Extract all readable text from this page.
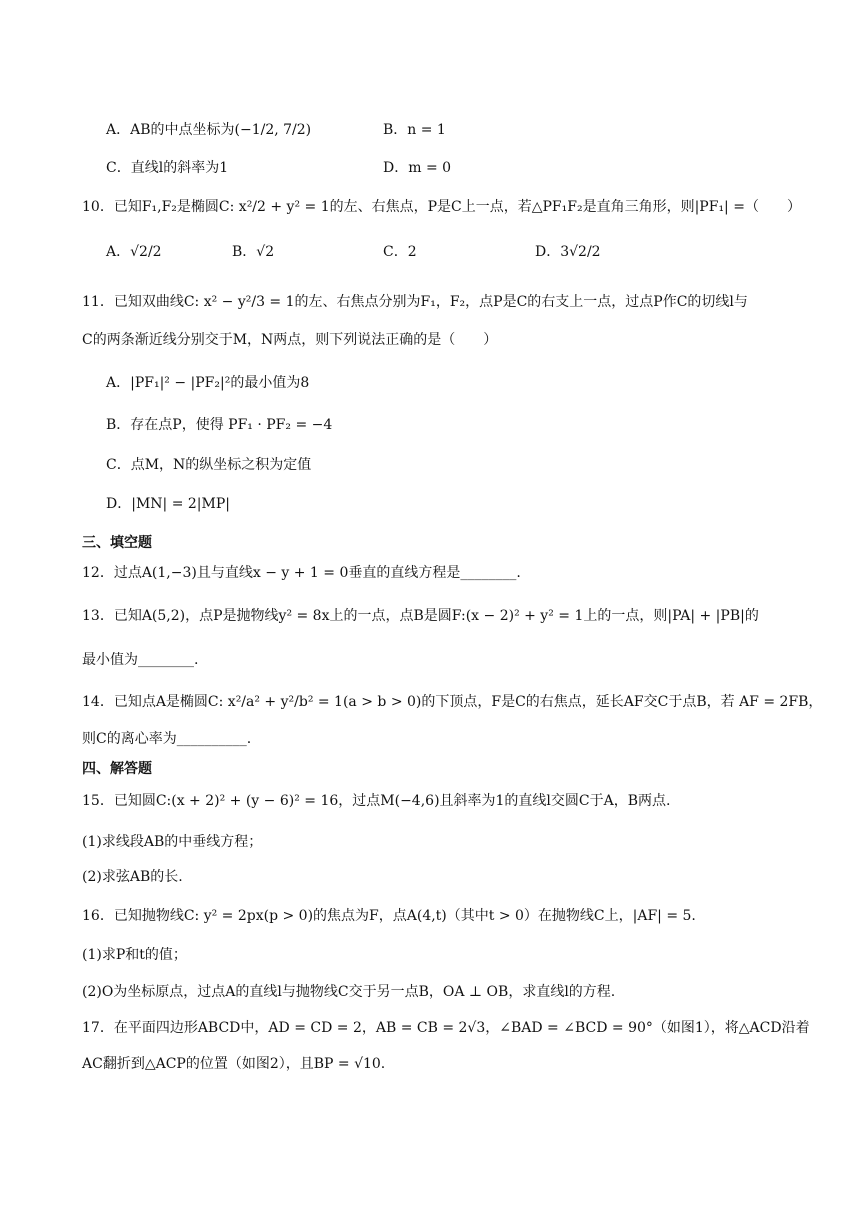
A．AB的中点坐标为(−1/2, 7/2)	B．n = 1
C．直线l的斜率为1	D．m = 0
10．已知F₁,F₂是椭圆C: x²/2 + y² = 1的左、右焦点，P是C上一点，若△PF₁F₂是直角三角形，则|PF₁| =（　　）
A．√2/2	B．√2	C．2	D．3√2/2
11．已知双曲线C: x² − y²/3 = 1的左、右焦点分别为F₁，F₂，点P是C的右支上一点，过点P作C的切线l与
C的两条渐近线分别交于M，N两点，则下列说法正确的是（　　）
A．|PF₁|² − |PF₂|²的最小值为8
B．存在点P，使得 PF₁ · PF₂ = −4
C．点M，N的纵坐标之积为定值
D．|MN| = 2|MP|
三、填空题
12．过点A(1,−3)且与直线x − y + 1 = 0垂直的直线方程是________.
13．已知A(5,2)，点P是抛物线y² = 8x上的一点，点B是圆F:(x − 2)² + y² = 1上的一点，则|PA| + |PB|的
最小值为________.
14．已知点A是椭圆C: x²/a² + y²/b² = 1(a > b > 0)的下顶点，F是C的右焦点，延长AF交C于点B，若 AF = 2FB，
则C的离心率为__________.
四、解答题
15．已知圆C:(x + 2)² + (y − 6)² = 16，过点M(−4,6)且斜率为1的直线l交圆C于A，B两点.
(1)求线段AB的中垂线方程；
(2)求弦AB的长.
16．已知抛物线C: y² = 2px(p > 0)的焦点为F，点A(4,t)（其中t > 0）在抛物线C上，|AF| = 5.
(1)求P和t的值；
(2)O为坐标原点，过点A的直线l与抛物线C交于另一点B，OA ⊥ OB，求直线l的方程.
17．在平面四边形ABCD中，AD = CD = 2，AB = CB = 2√3，∠BAD = ∠BCD = 90°（如图1），将△ACD沿着
AC翻折到△ACP的位置（如图2），且BP = √10.
